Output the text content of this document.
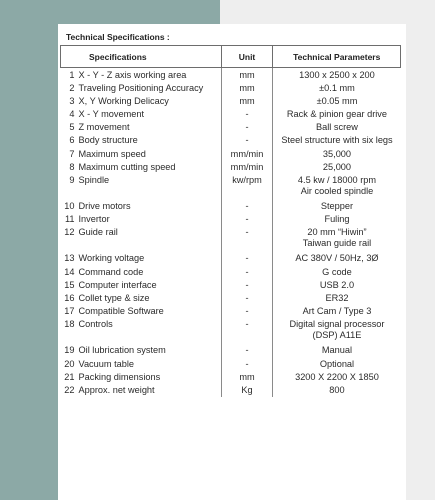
Technical Specifications :
Specifications	Unit	Technical Parameters
1 X - Y - Z axis working area	mm	1300 x 2500 x 200

2 Traveling Positioning Accuracy	mm	±0.1 mm

3 X, Y Working Delicacy	mm	±0.05 mm

4 X - Y movement	-	Rack & pinion gear drive

5 Z movement	-	Ball screw

6 Body structure	-	Steel structure with six legs

7 Maximum speed	mm/min	35,000

8 Maximum cutting speed	mm/min	25,000

9 Spindle	kw/rpm	4.5 kw / 18000 rpm
Air cooled spindle

10 Drive motors	-	Stepper

11 Invertor	-	Fuling

12 Guide rail	-	20 mm “Hiwin”
Taiwan guide rail

13 Working voltage	-	AC 380V / 50Hz, 3Ø

14 Command code	-	G code

15 Computer interface	-	USB 2.0

16 Collet type & size	-	ER32

17 Compatible Software	-	Art Cam / Type 3

18 Controls	-	Digital signal processor
(DSP) A11E

19 Oil lubrication system	-	Manual

20 Vacuum table	-	Optional

21 Packing dimensions	mm	3200 X 2200 X 1850

22 Approx. net weight	Kg	800
